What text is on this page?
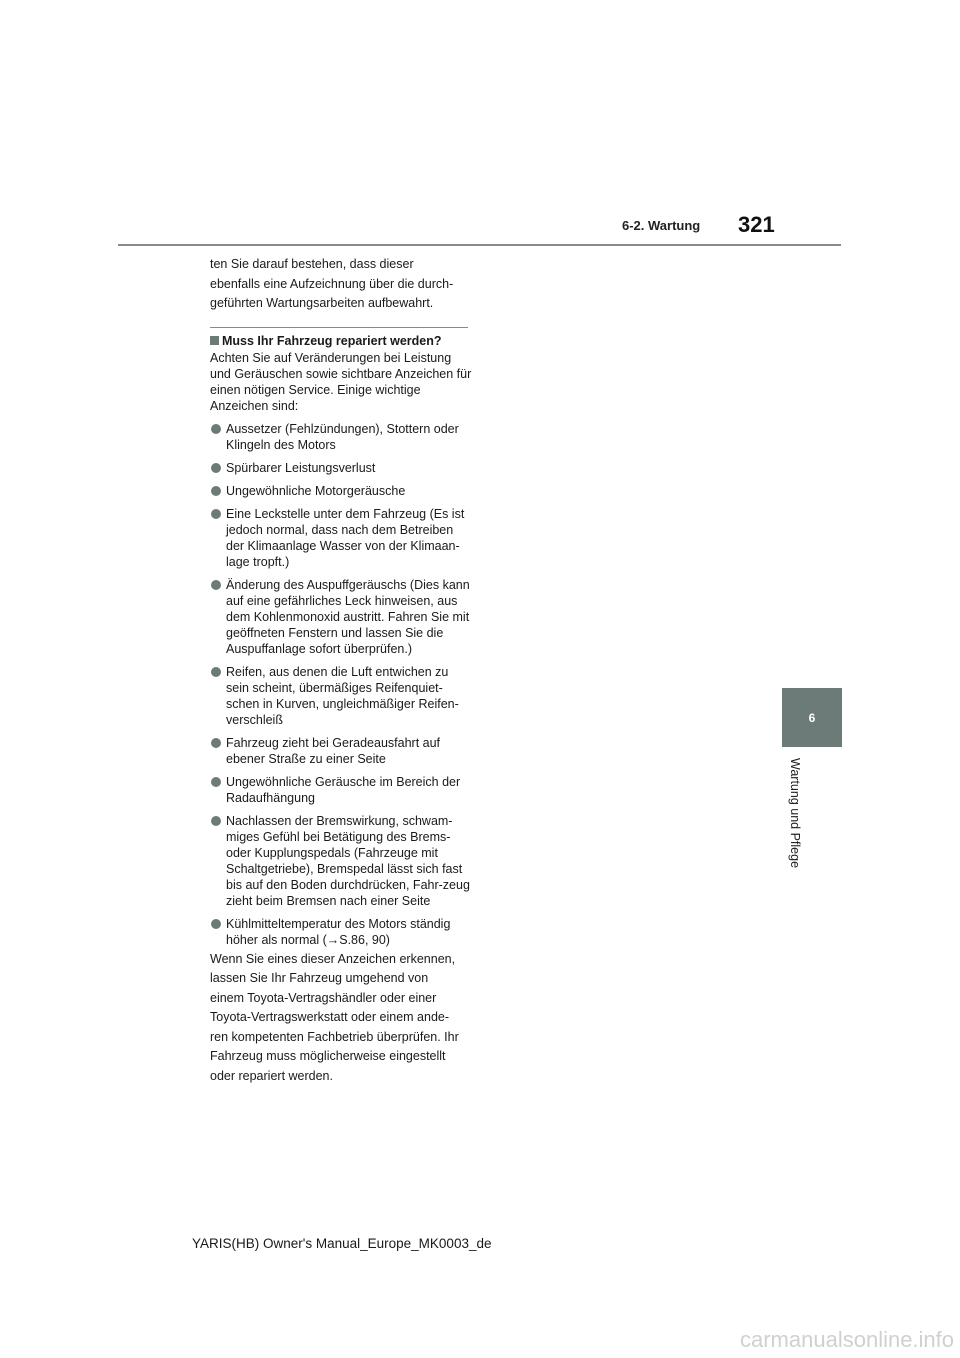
6-2. Wartung 321
6
Wartung und Pflege
ten Sie darauf bestehen, dass dieser
ebenfalls eine Aufzeichnung über die durch-
geführten Wartungsarbeiten aufbewahrt.
Muss Ihr Fahrzeug repariert werden?
Achten Sie auf Veränderungen bei Leistung und Geräuschen sowie sichtbare Anzeichen für einen nötigen Service. Einige wichtige Anzeichen sind:
Aussetzer (Fehlzündungen), Stottern oder Klingeln des Motors
Spürbarer Leistungsverlust
Ungewöhnliche Motorgeräusche
Eine Leckstelle unter dem Fahrzeug (Es ist jedoch normal, dass nach dem Betreiben der Klimaanlage Wasser von der Klimaan-lage tropft.)
Änderung des Auspuffgeräuschs (Dies kann auf eine gefährliches Leck hinweisen, aus dem Kohlenmonoxid austritt. Fahren Sie mit geöffneten Fenstern und lassen Sie die Auspuffanlage sofort überprüfen.)
Reifen, aus denen die Luft entwichen zu sein scheint, übermäßiges Reifenquiet-schen in Kurven, ungleichmäßiger Reifen-verschleiß
Fahrzeug zieht bei Geradeausfahrt auf ebener Straße zu einer Seite
Ungewöhnliche Geräusche im Bereich der Radaufhängung
Nachlassen der Bremswirkung, schwam-miges Gefühl bei Betätigung des Brems- oder Kupplungspedals (Fahrzeuge mit Schaltgetriebe), Bremspedal lässt sich fast bis auf den Boden durchdrücken, Fahr-zeug zieht beim Bremsen nach einer Seite
Kühlmitteltemperatur des Motors ständig höher als normal (→S.86, 90)
Wenn Sie eines dieser Anzeichen erkennen,
lassen Sie Ihr Fahrzeug umgehend von
einem Toyota-Vertragshändler oder einer
Toyota-Vertragswerkstatt oder einem ande-
ren kompetenten Fachbetrieb überprüfen. Ihr
Fahrzeug muss möglicherweise eingestellt
oder repariert werden.
YARIS(HB) Owner's Manual_Europe_MK0003_de
carmanualsonline.info
